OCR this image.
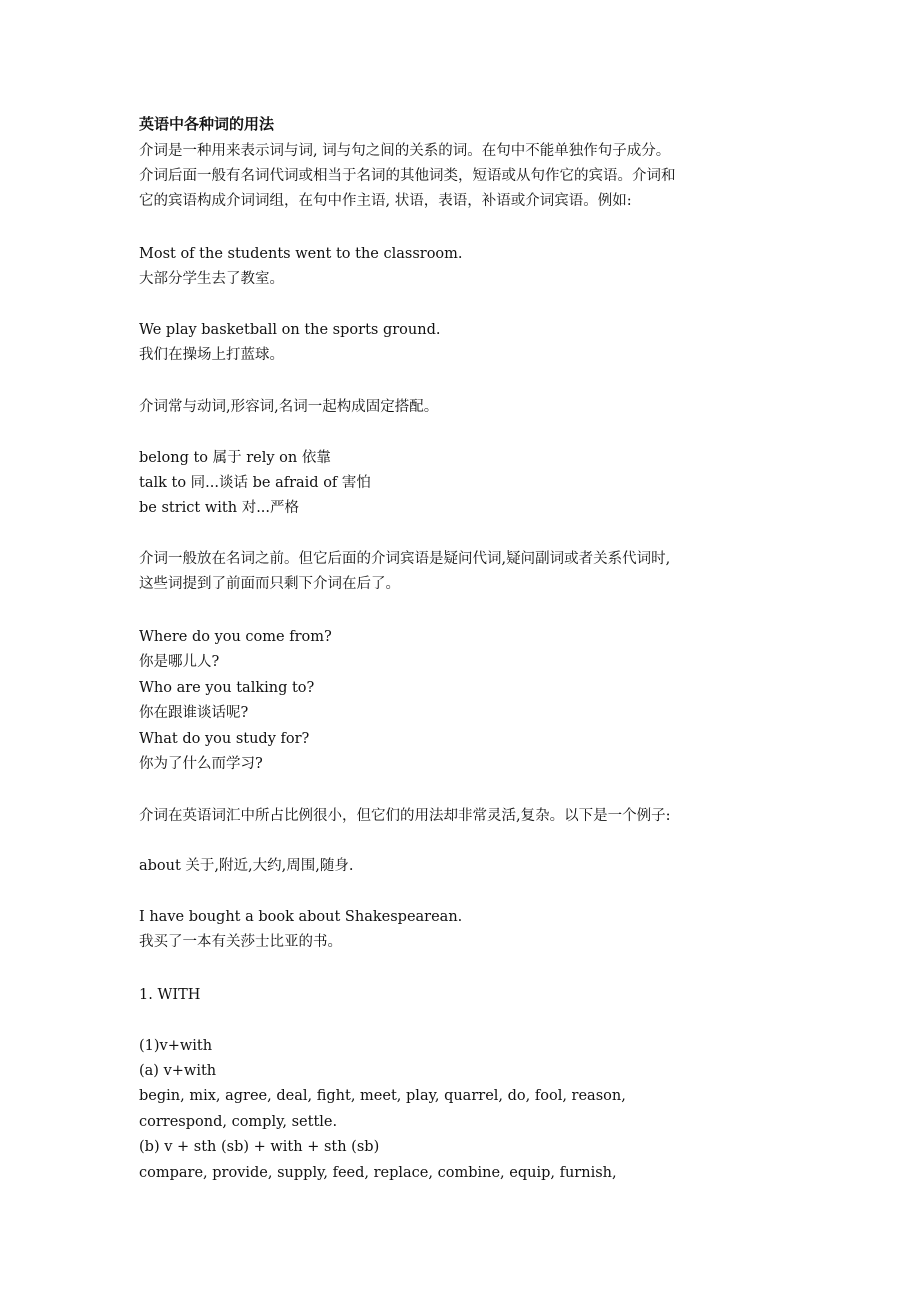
英语中各种词的用法
介词是一种用来表示词与词, 词与句之间的关系的词。在句中不能单独作句子成分。
介词后面一般有名词代词或相当于名词的其他词类，短语或从句作它的宾语。介词和
它的宾语构成介词词组，在句中作主语, 状语，表语，补语或介词宾语。例如:
Most of the students went to the classroom.
大部分学生去了教室。
We play basketball on the sports ground.
我们在操场上打蓝球。
介词常与动词,形容词,名词一起构成固定搭配。
belong to 属于 rely on 依靠
talk to 同...谈话 be afraid of 害怕
be strict with 对...严格
介词一般放在名词之前。但它后面的介词宾语是疑问代词,疑问副词或者关系代词时,
这些词提到了前面而只剩下介词在后了。
Where do you come from?
你是哪儿人?
Who are you talking to?
你在跟谁谈话呢?
What do you study for?
你为了什么而学习?
介词在英语词汇中所占比例很小，但它们的用法却非常灵活,复杂。以下是一个例子:
about 关于,附近,大约,周围,随身.
I have bought a book about Shakespearean.
我买了一本有关莎士比亚的书。
1. WITH
(1)v+with
(a) v+with
begin, mix, agree, deal, fight, meet, play, quarrel, do, fool, reason,
correspond, comply, settle.
(b) v + sth (sb) + with + sth (sb)
compare, provide, supply, feed, replace, combine, equip, furnish,
